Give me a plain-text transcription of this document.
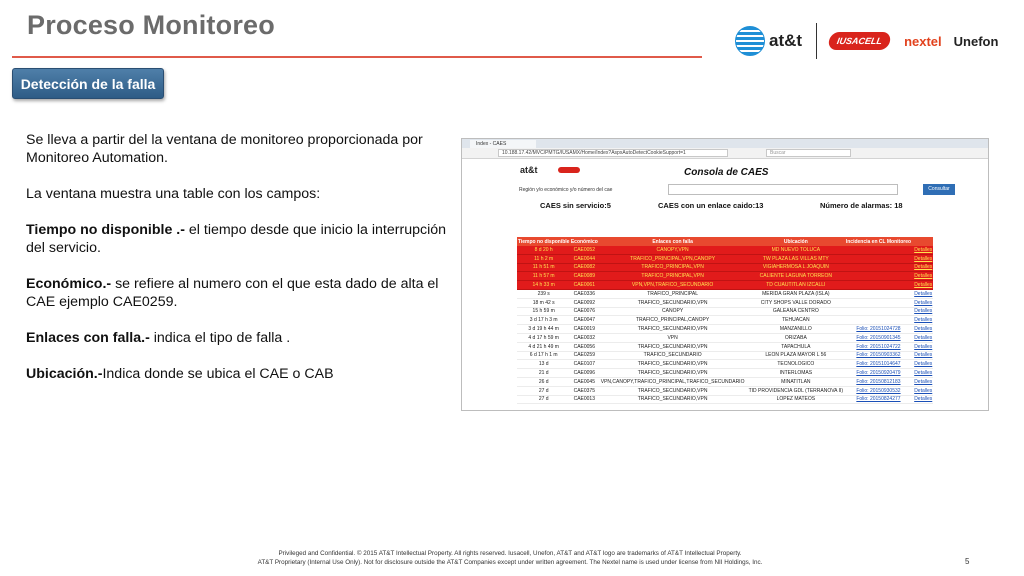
Proceso Monitoreo
at&t	IUSACELL	nextel Unefon
Detección de la falla

Se lleva a partir del la ventana de monitoreo proporcionada por Monitoreo Automation.

La ventana muestra una table con los campos:

Tiempo no disponible .- el tiempo desde que inicio la interrupción del servicio.

Económico.- se refiere al numero con el que esta dado de alta el CAE ejemplo CAE0259.

Enlaces con falla.- indica el tipo de falla .

Ubicación.-Indica donde se ubica el CAE o CAB

Index - CAES
10.188.17.42/MVC/PMTG/IUSAMX/Home/Index?AspxAutoDetectCookieSupport=1	Buscar
at&t	Consola de CAES
Región y/o económico y/o número del cae	Consultar
CAES sin servicio:5	CAES con un enlace caido:13	Número de alarmas: 18
Tiempo no disponible	Económico	Enlaces con falla	Ubicación	Incidencia en CL Monitoreo	
8 d 20 h	CAE0052	CANOPY,VPN	MD NUEVO TOLUCA		Detalles
11 h 2 m	CAE0044	TRAFICO_PRINCIPAL,VPN,CANOPY	TW PLAZA LAS VILLAS MTY		Detalles
11 h 51 m	CAE0082	TRAFICO_PRINCIPAL,VPN	VIGIAHERMOSA L JOAQUIN		Detalles
11 h 57 m	CAE0089	TRAFICO_PRINCIPAL,VPN	CALIENTE LAGUNA TORREON		Detalles
14 h 33 m	CAE0061	VPN,VPN,TRAFICO_SECUNDARIO	TD CUAUTITLAN IZCALLI		Detalles
239 s	CAE0336	TRAFICO_PRINCIPAL	MERIDA GRAN PLAZA (ISLA)		Detalles
18 m 42 s	CAE0092	TRAFICO_SECUNDARIO,VPN	CITY SHOPS VALLE DORADO		Detalles
15 h 59 m	CAE0076	CANOPY	GALEANA CENTRO		Detalles
3 d 17 h 3 m	CAE0047	TRAFICO_PRINCIPAL,CANOPY	TEHUACAN		Detalles
3 d 19 h 44 m	CAE0019	TRAFICO_SECUNDARIO,VPN	MANZANILLO	Folio: 20151024728	Detalles
4 d 17 h 59 m	CAE0032	VPN	ORIZABA	Folio: 20150901345	Detalles
4 d 21 h 49 m	CAE0056	TRAFICO_SECUNDARIO,VPN	TAPACHULA	Folio: 20151024722	Detalles
6 d 17 h 1 m	CAE0259	TRAFICO_SECUNDARIO	LEON PLAZA MAYOR L 56	Folio: 20150903362	Detalles
13 d	CAE0107	TRAFICO_SECUNDARIO,VPN	TECNOLOGICO	Folio: 20151014647	Detalles
21 d	CAE0096	TRAFICO_SECUNDARIO,VPN	INTERLOMAS	Folio: 20150920479	Detalles
26 d	CAE0045	VPN,CANOPY,TRAFICO_PRINCIPAL,TRAFICO_SECUNDARIO	MINATITLAN	Folio: 20150812183	Detalles
27 d	CAE0375	TRAFICO_SECUNDARIO,VPN	TID PROVIDENCIA GDL (TERRANOVA II)	Folio: 20150930532	Detalles
27 d	CAE0013	TRAFICO_SECUNDARIO,VPN	LOPEZ MATEOS	Folio: 20150824277	Detalles
Privileged and Confidential. © 2015 AT&T Intellectual Property. All rights reserved. Iusacell, Unefon, AT&T and AT&T logo are trademarks of AT&T Intellectual Property.
AT&T Proprietary (Internal Use Only). Not for disclosure outside the AT&T Companies except under written agreement. The Nextel name is used under license from NII Holdings, Inc.	5
